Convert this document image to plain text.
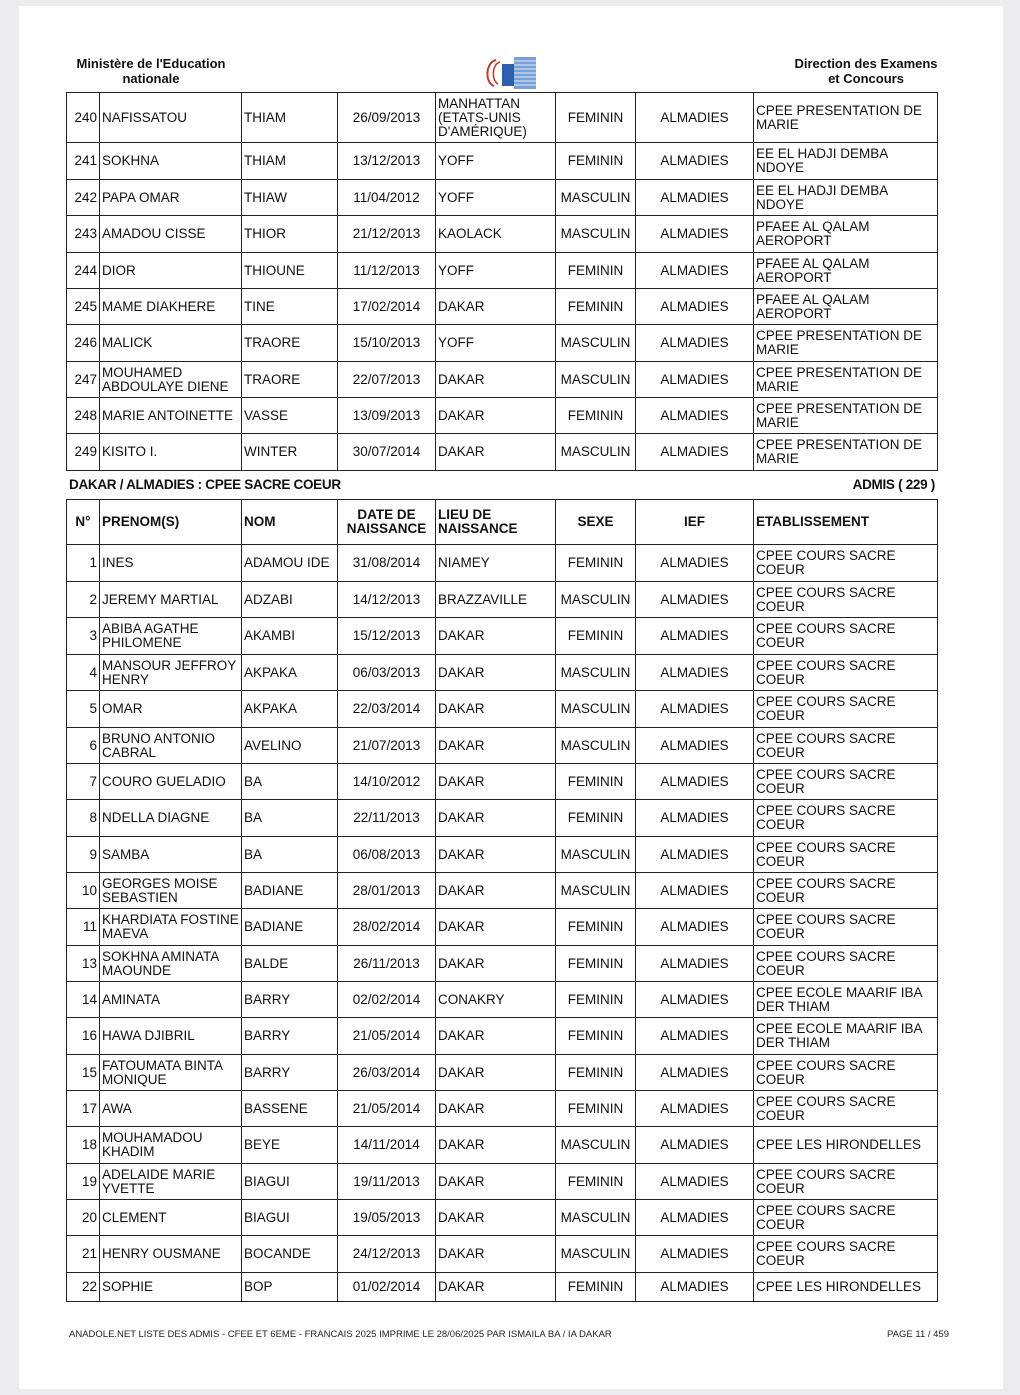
Ministère de l'Education
nationale
Direction des Examens
et Concours
240	NAFISSATOU	THIAM	26/09/2013	MANHATTAN (ETATS-UNIS D'AMÉRIQUE)	FEMININ	ALMADIES	CPEE PRESENTATION DE MARIE
241	SOKHNA	THIAM	13/12/2013	YOFF	FEMININ	ALMADIES	EE EL HADJI DEMBA NDOYE
242	PAPA OMAR	THIAW	11/04/2012	YOFF	MASCULIN	ALMADIES	EE EL HADJI DEMBA NDOYE
243	AMADOU CISSE	THIOR	21/12/2013	KAOLACK	MASCULIN	ALMADIES	PFAEE AL QALAM AEROPORT
244	DIOR	THIOUNE	11/12/2013	YOFF	FEMININ	ALMADIES	PFAEE AL QALAM AEROPORT
245	MAME DIAKHERE	TINE	17/02/2014	DAKAR	FEMININ	ALMADIES	PFAEE AL QALAM AEROPORT
246	MALICK	TRAORE	15/10/2013	YOFF	MASCULIN	ALMADIES	CPEE PRESENTATION DE MARIE
247	MOUHAMED ABDOULAYE DIENE	TRAORE	22/07/2013	DAKAR	MASCULIN	ALMADIES	CPEE PRESENTATION DE MARIE
248	MARIE ANTOINETTE	VASSE	13/09/2013	DAKAR	FEMININ	ALMADIES	CPEE PRESENTATION DE MARIE
249	KISITO I.	WINTER	30/07/2014	DAKAR	MASCULIN	ALMADIES	CPEE PRESENTATION DE MARIE
DAKAR / ALMADIES : CPEE SACRE COEUR	ADMIS ( 229 )
N°	PRENOM(S)	NOM	DATE DE NAISSANCE	LIEU DE NAISSANCE	SEXE	IEF	ETABLISSEMENT
1	INES	ADAMOU IDE	31/08/2014	NIAMEY	FEMININ	ALMADIES	CPEE COURS SACRE COEUR
2	JEREMY MARTIAL	ADZABI	14/12/2013	BRAZZAVILLE	MASCULIN	ALMADIES	CPEE COURS SACRE COEUR
3	ABIBA AGATHE PHILOMENE	AKAMBI	15/12/2013	DAKAR	FEMININ	ALMADIES	CPEE COURS SACRE COEUR
4	MANSOUR JEFFROY HENRY	AKPAKA	06/03/2013	DAKAR	MASCULIN	ALMADIES	CPEE COURS SACRE COEUR
5	OMAR	AKPAKA	22/03/2014	DAKAR	MASCULIN	ALMADIES	CPEE COURS SACRE COEUR
6	BRUNO ANTONIO CABRAL	AVELINO	21/07/2013	DAKAR	MASCULIN	ALMADIES	CPEE COURS SACRE COEUR
7	COURO GUELADIO	BA	14/10/2012	DAKAR	FEMININ	ALMADIES	CPEE COURS SACRE COEUR
8	NDELLA DIAGNE	BA	22/11/2013	DAKAR	FEMININ	ALMADIES	CPEE COURS SACRE COEUR
9	SAMBA	BA	06/08/2013	DAKAR	MASCULIN	ALMADIES	CPEE COURS SACRE COEUR
10	GEORGES MOISE SEBASTIEN	BADIANE	28/01/2013	DAKAR	MASCULIN	ALMADIES	CPEE COURS SACRE COEUR
11	KHARDIATA FOSTINE MAEVA	BADIANE	28/02/2014	DAKAR	FEMININ	ALMADIES	CPEE COURS SACRE COEUR
13	SOKHNA AMINATA MAOUNDE	BALDE	26/11/2013	DAKAR	FEMININ	ALMADIES	CPEE COURS SACRE COEUR
14	AMINATA	BARRY	02/02/2014	CONAKRY	FEMININ	ALMADIES	CPEE ECOLE MAARIF IBA DER THIAM
16	HAWA DJIBRIL	BARRY	21/05/2014	DAKAR	FEMININ	ALMADIES	CPEE ECOLE MAARIF IBA DER THIAM
15	FATOUMATA BINTA MONIQUE	BARRY	26/03/2014	DAKAR	FEMININ	ALMADIES	CPEE COURS SACRE COEUR
17	AWA	BASSENE	21/05/2014	DAKAR	FEMININ	ALMADIES	CPEE COURS SACRE COEUR
18	MOUHAMADOU KHADIM	BEYE	14/11/2014	DAKAR	MASCULIN	ALMADIES	CPEE LES HIRONDELLES
19	ADELAIDE MARIE YVETTE	BIAGUI	19/11/2013	DAKAR	FEMININ	ALMADIES	CPEE COURS SACRE COEUR
20	CLEMENT	BIAGUI	19/05/2013	DAKAR	MASCULIN	ALMADIES	CPEE COURS SACRE COEUR
21	HENRY OUSMANE	BOCANDE	24/12/2013	DAKAR	MASCULIN	ALMADIES	CPEE COURS SACRE COEUR
22	SOPHIE	BOP	01/02/2014	DAKAR	FEMININ	ALMADIES	CPEE LES HIRONDELLES
ANADOLE.NET LISTE DES ADMIS - CFEE ET 6EME - FRANCAIS 2025 IMPRIME LE 28/06/2025 PAR ISMAILA BA / IA DAKAR	PAGE 11 / 459
